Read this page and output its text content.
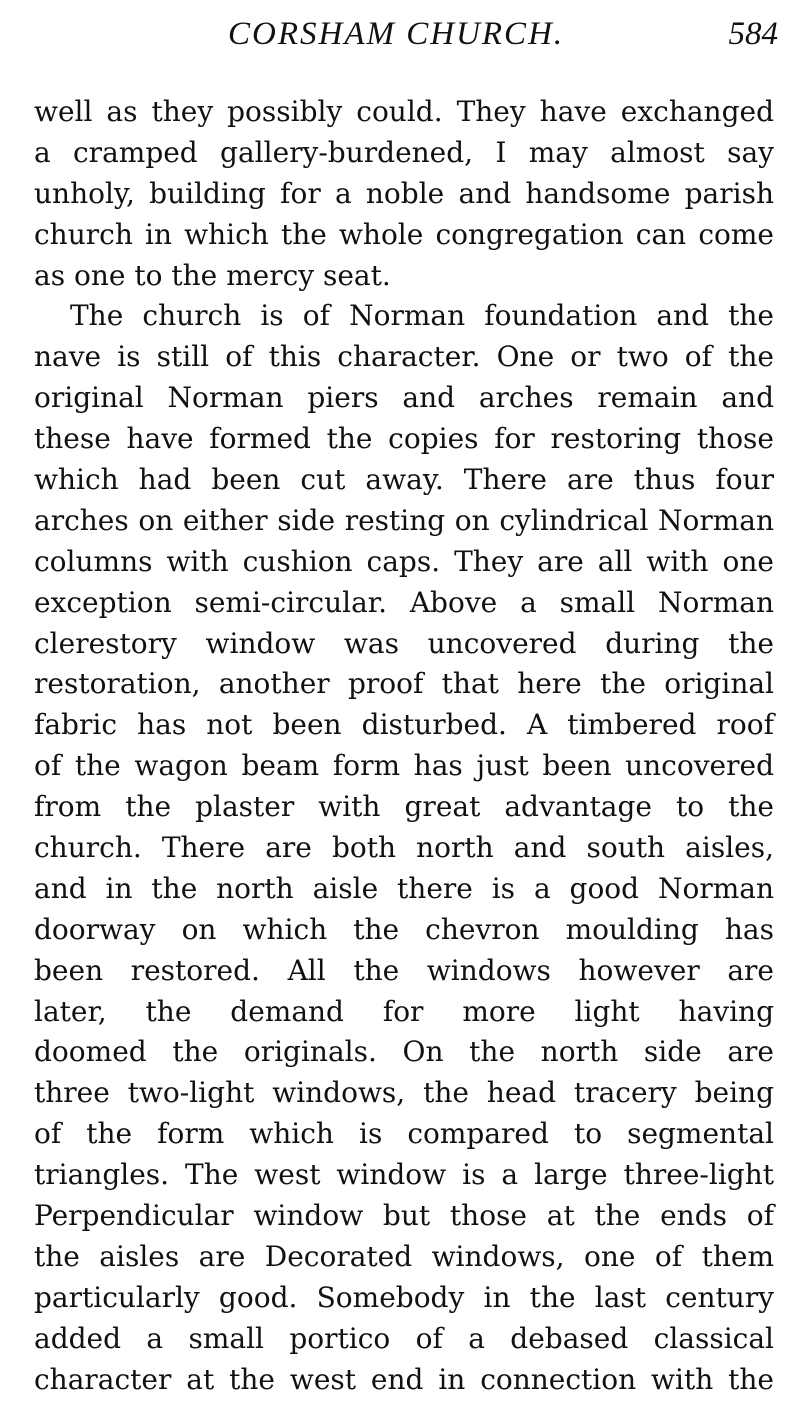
CORSHAM CHURCH.	584
well as they possibly could. They have exchanged
a cramped gallery-burdened, I may almost say
unholy, building for a noble and handsome parish
church in which the whole congregation can come
as one to the mercy seat.
The church is of Norman foundation and the
nave is still of this character. One or two of the
original Norman piers and arches remain and
these have formed the copies for restoring those
which had been cut away. There are thus four
arches on either side resting on cylindrical Norman
columns with cushion caps. They are all with one
exception semi-circular. Above a small Norman
clerestory window was uncovered during the
restoration, another proof that here the original
fabric has not been disturbed. A timbered roof
of the wagon beam form has just been uncovered
from the plaster with great advantage to the
church. There are both north and south aisles,
and in the north aisle there is a good Norman
doorway on which the chevron moulding has
been restored. All the windows however are
later, the demand for more light having
doomed the originals. On the north side are
three two-light windows, the head tracery being
of the form which is compared to segmental
triangles. The west window is a large three-light
Perpendicular window but those at the ends of
the aisles are Decorated windows, one of them
particularly good. Somebody in the last century
added a small portico of a debased classical
character at the west end in connection with the
